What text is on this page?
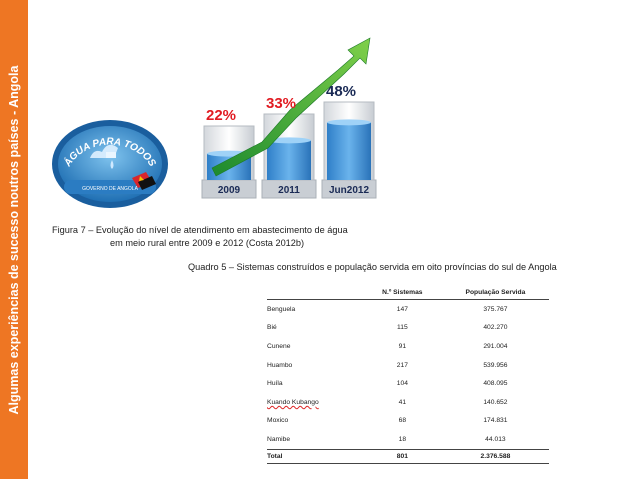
Algumas experiências de sucesso noutros países - Angola	ÁGUA PARA TODOS
GOVERNO DE ANGOLA	2009
22%
2011
33%
Jun2012
48%
Figura 7 – Evolução do nível de atendimento em abastecimento de água
em meio rural entre 2009 e 2012 (Costa 2012b)
Quadro 5 – Sistemas construídos e população servida em oito províncias do sul de Angola
	N.º Sistemas	População Servida
Benguela	147	375.767
Bié	115	402.270
Cunene	91	291.004
Huambo	217	539.956
Huíla	104	408.095
Kuando Kubango	41	140.652
Moxico	68	174.831
Namibe	18	44.013
Total	801	2.376.588
